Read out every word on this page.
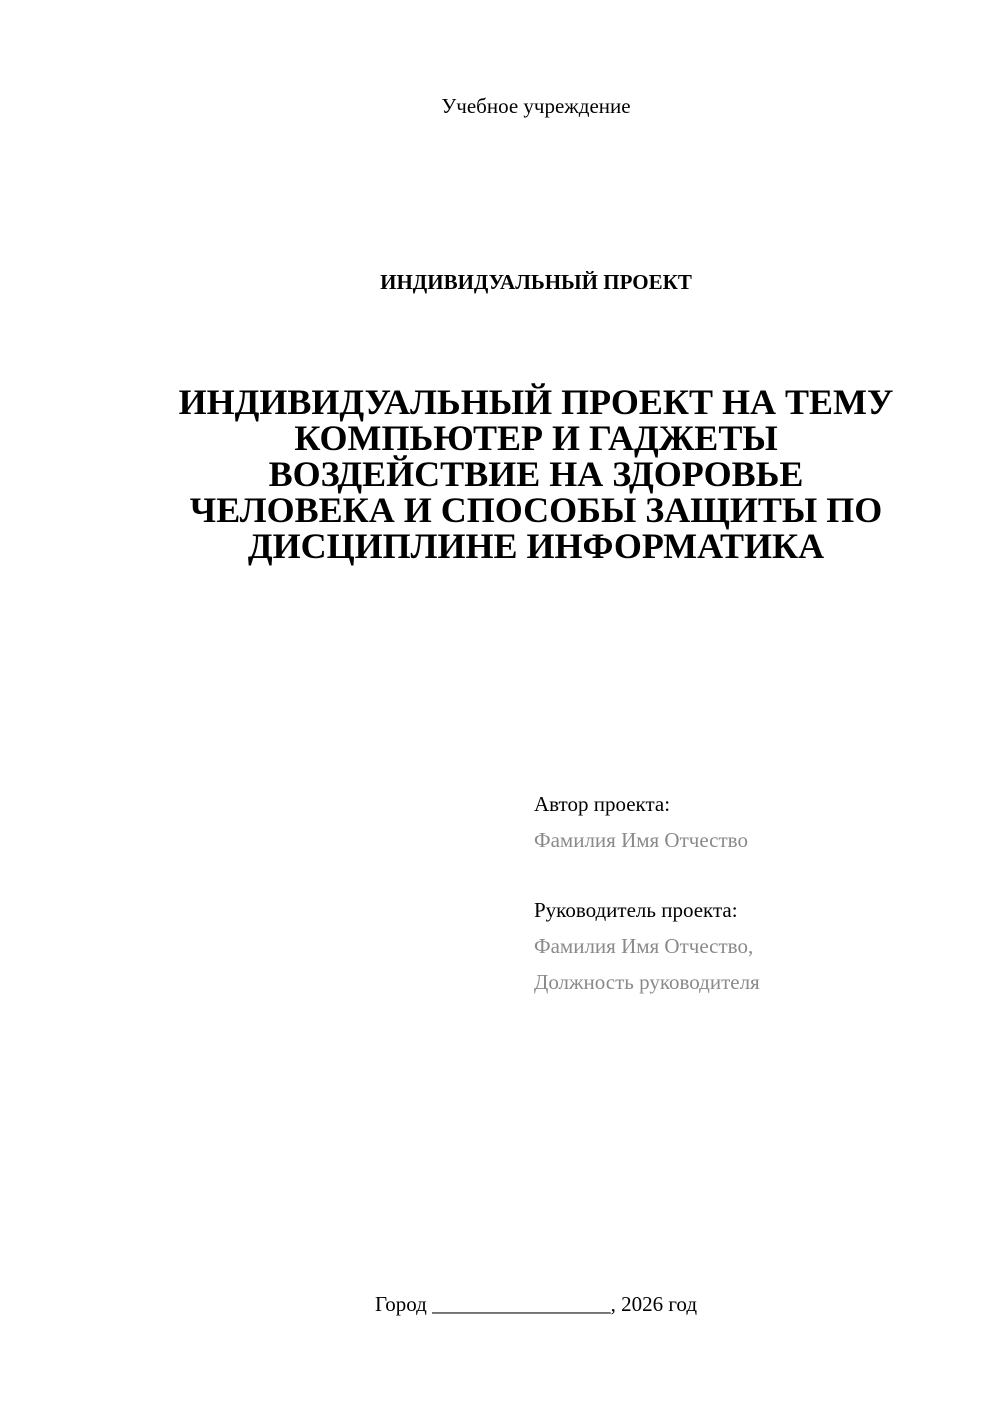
Учебное учреждение
ИНДИВИДУАЛЬНЫЙ ПРОЕКТ
ИНДИВИДУАЛЬНЫЙ ПРОЕКТ НА ТЕМУ
КОМПЬЮТЕР И ГАДЖЕТЫ
ВОЗДЕЙСТВИЕ НА ЗДОРОВЬЕ
ЧЕЛОВЕКА И СПОСОБЫ ЗАЩИТЫ ПО
ДИСЦИПЛИНЕ ИНФОРМАТИКА
Автор проекта:
Фамилия Имя Отчество
Руководитель проекта:
Фамилия Имя Отчество,
Должность руководителя
Город _________________, 2026 год
